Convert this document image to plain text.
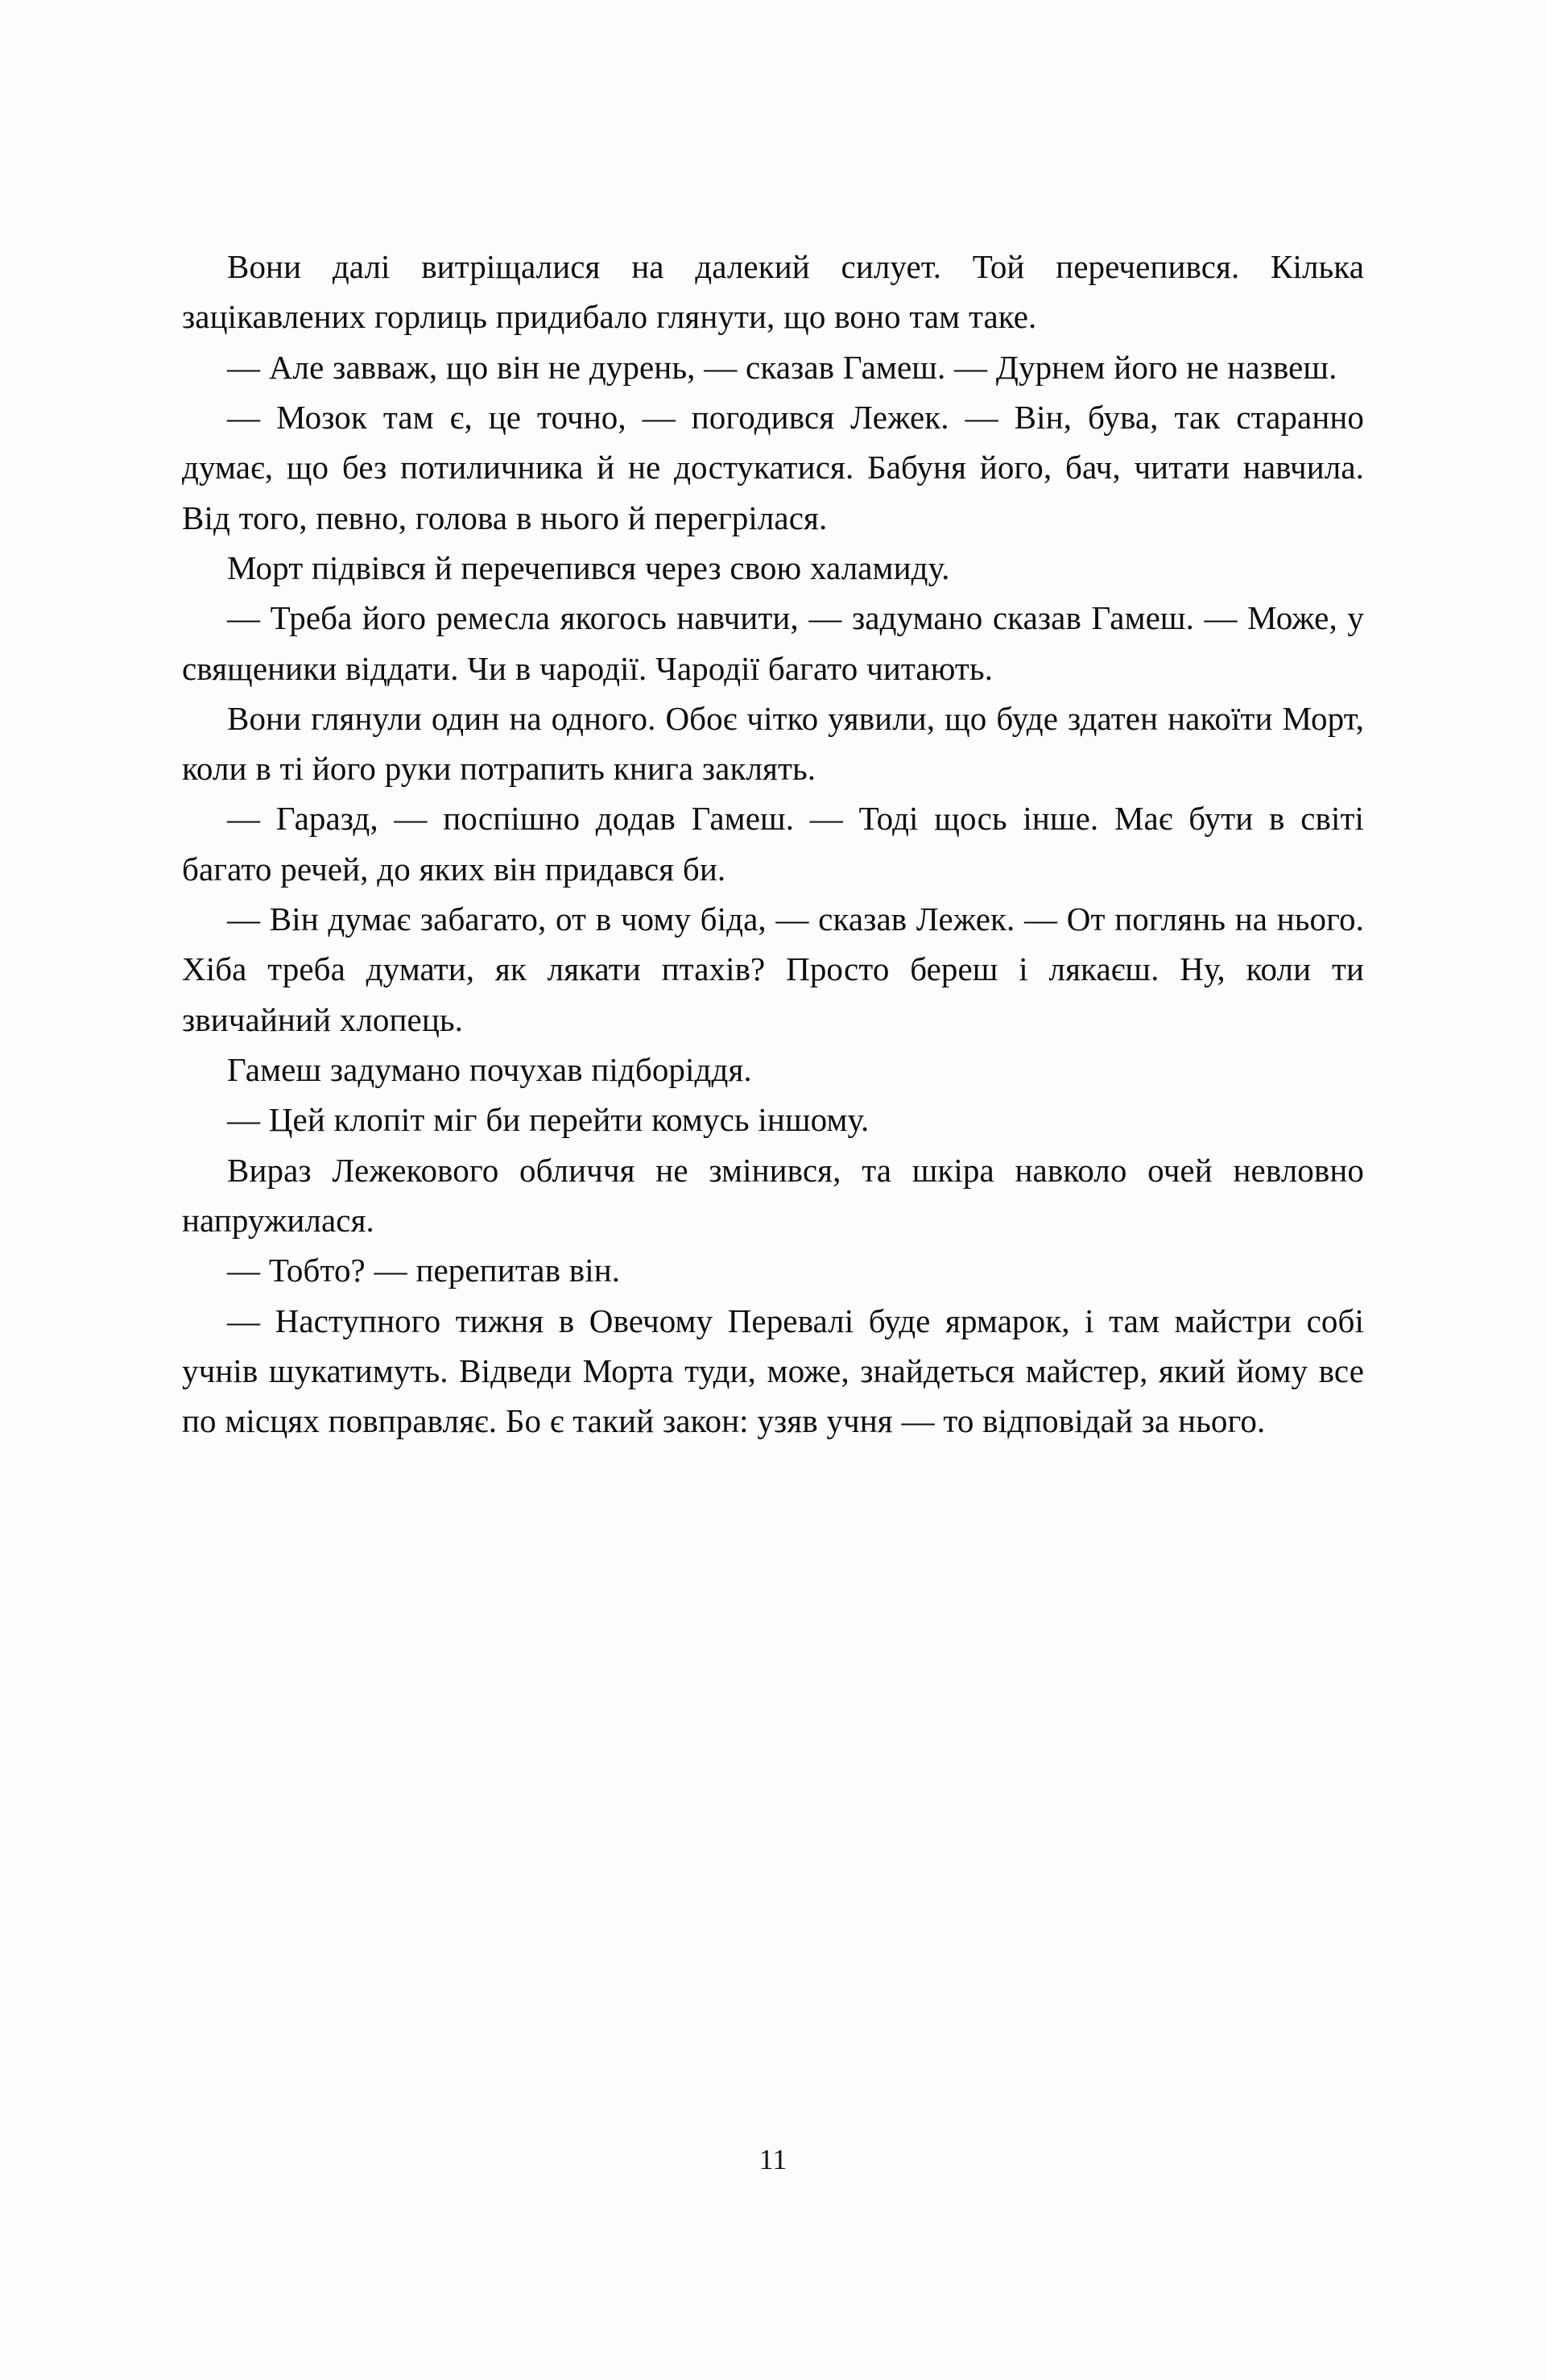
Вони далі витріщалися на далекий силует. Той перечепився. Кілька зацікавлених горлиць придибало глянути, що воно там таке.

— Але завваж, що він не дурень, — сказав Гамеш. — Дурнем його не назвеш.

— Мозок там є, це точно, — погодився Лежек. — Він, бува, так старанно думає, що без потиличника й не достукатися. Бабуня його, бач, читати навчила. Від того, певно, голова в нього й перегрілася.

Морт підвівся й перечепився через свою халамиду.

— Треба його ремесла якогось навчити, — задумано сказав Гамеш. — Може, у священики віддати. Чи в чародії. Чародії багато читають.

Вони глянули один на одного. Обоє чітко уявили, що буде здатен накоїти Морт, коли в ті його руки потрапить книга заклять.

— Гаразд, — поспішно додав Гамеш. — Тоді щось інше. Має бути в світі багато речей, до яких він придався би.

— Він думає забагато, от в чому біда, — сказав Лежек. — От поглянь на нього. Хіба треба думати, як лякати птахів? Просто береш і лякаєш. Ну, коли ти звичайний хлопець.

Гамеш задумано почухав підборіддя.

— Цей клопіт міг би перейти комусь іншому.

Вираз Лежекового обличчя не змінився, та шкіра навколо очей невловно напружилася.

— Тобто? — перепитав він.

— Наступного тижня в Овечому Перевалі буде ярмарок, і там майстри собі учнів шукатимуть. Відведи Морта туди, може, знайдеться майстер, який йому все по місцях повправляє. Бо є такий закон: узяв учня — то відповідай за нього.

11
